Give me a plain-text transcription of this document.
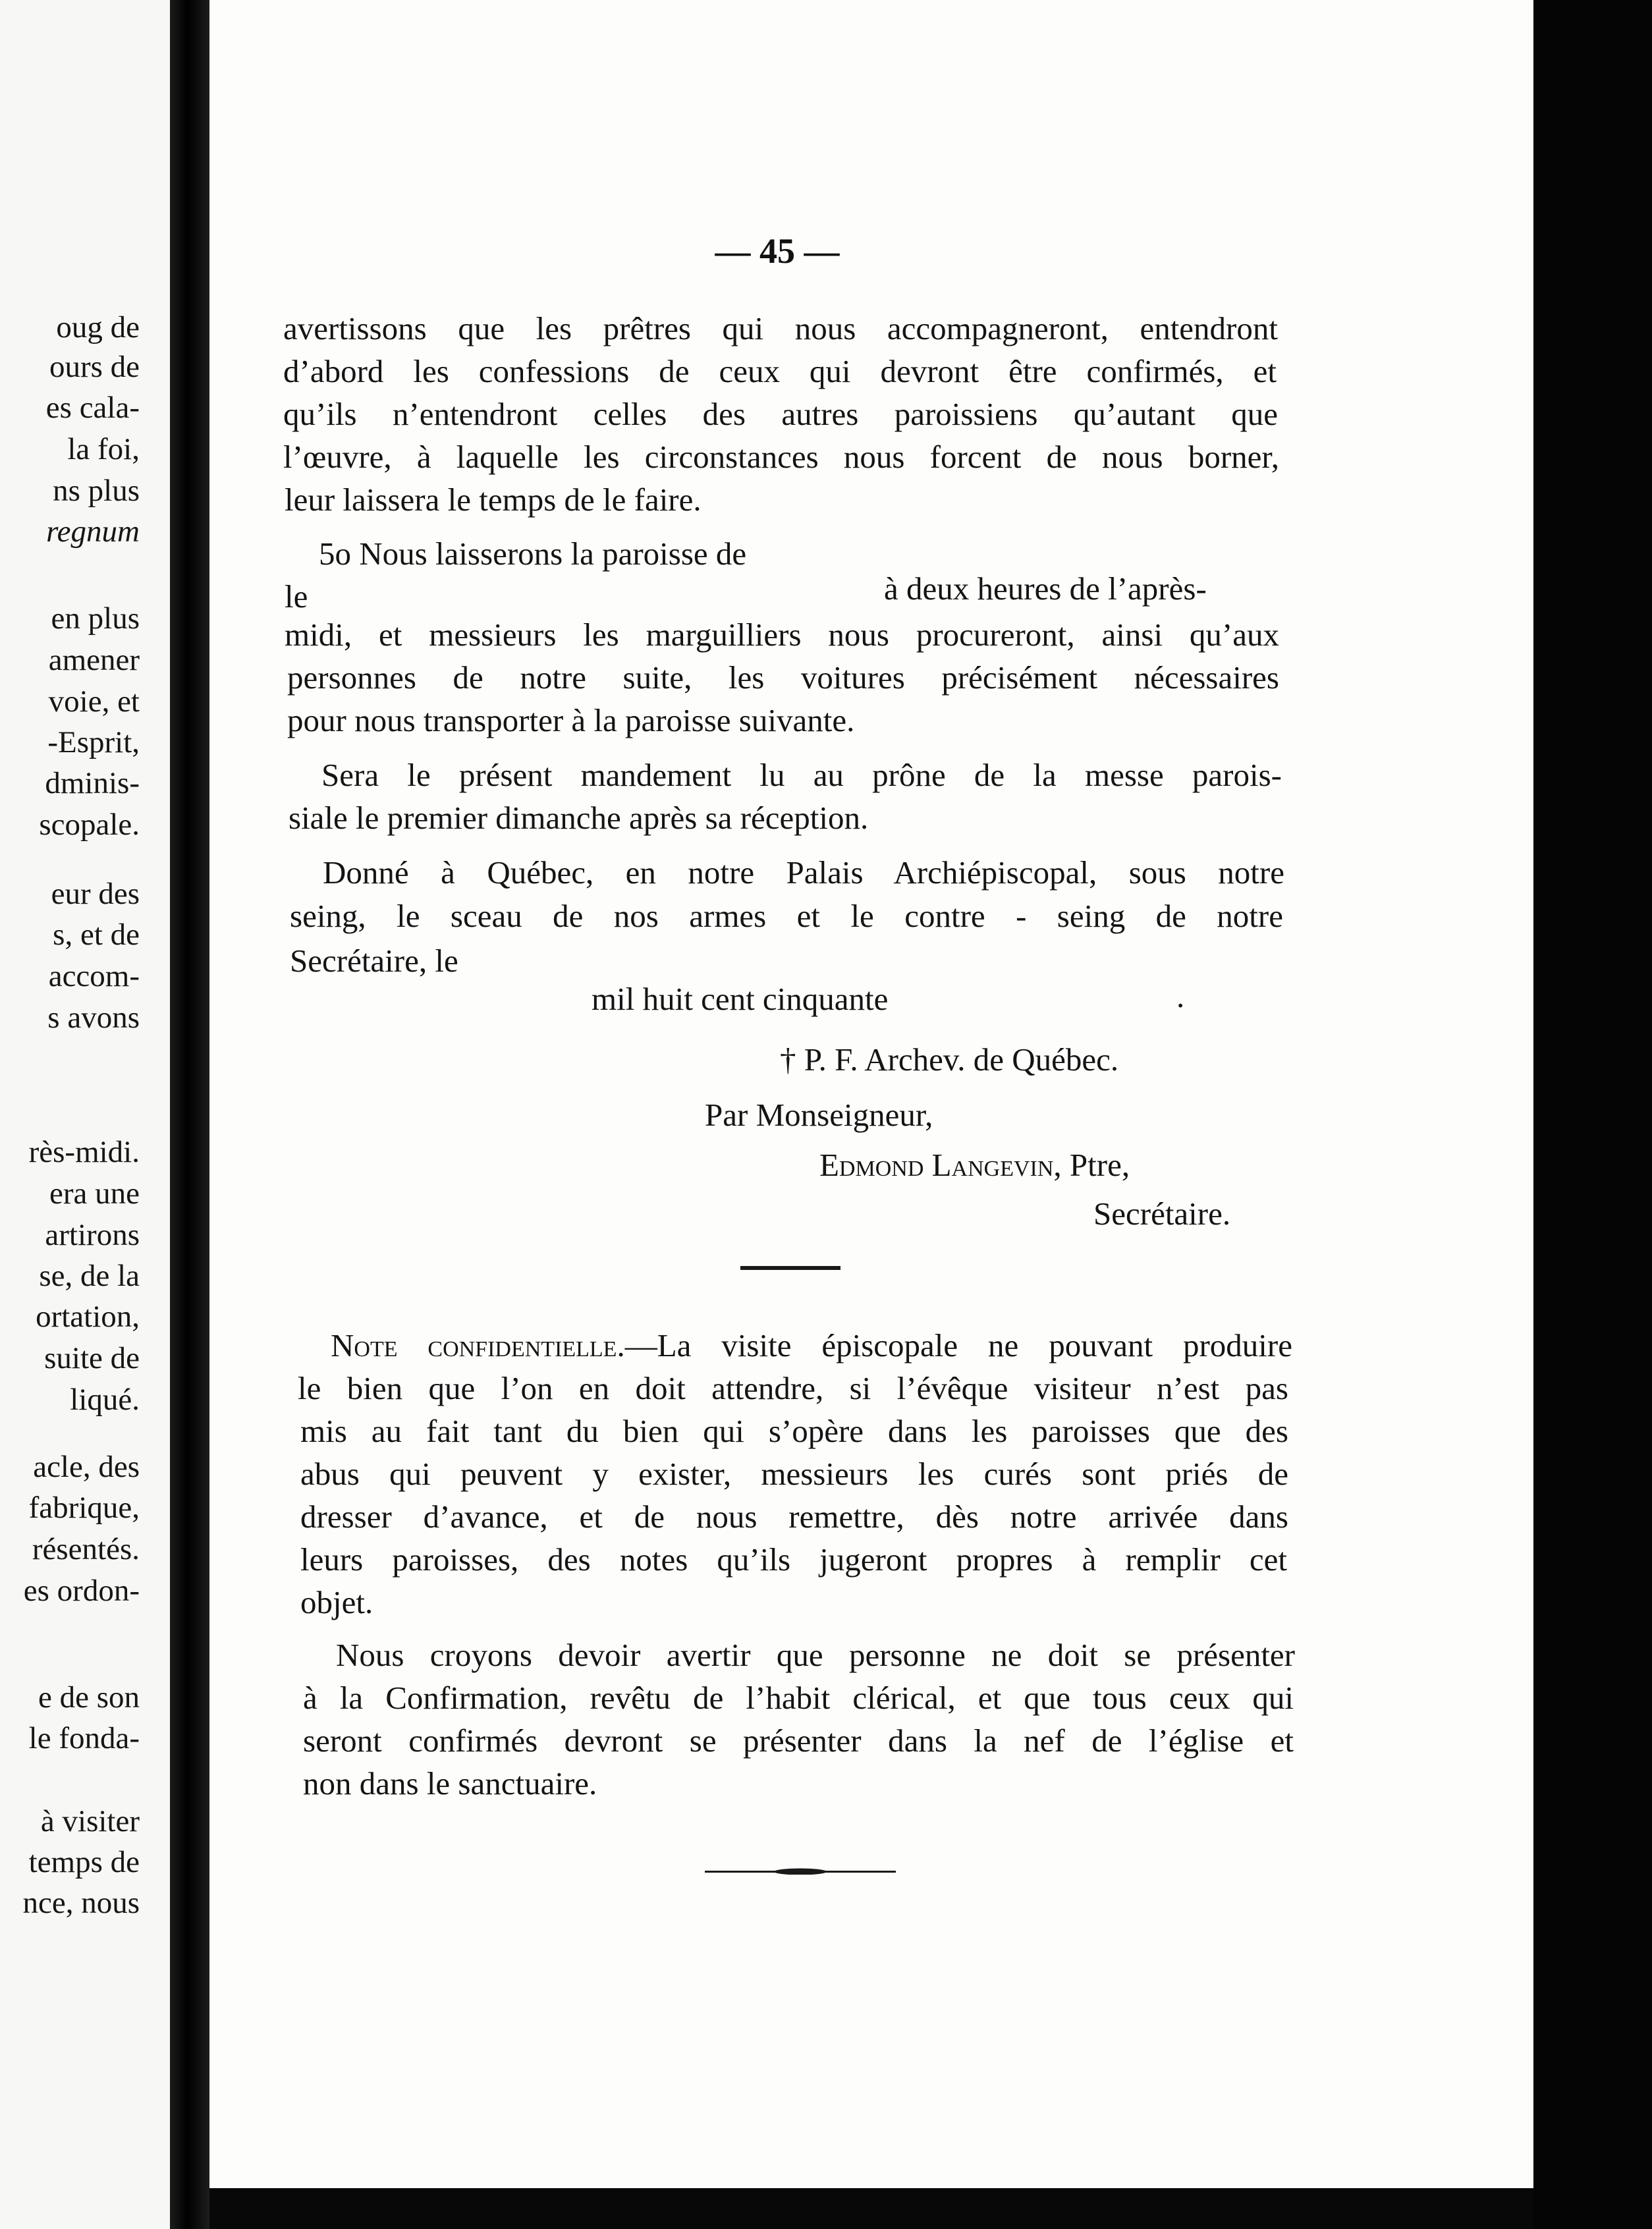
oug de
ours de
es cala-
la foi,
ns plus
regnum
en plus
amener
voie, et
-Esprit,
dminis-
scopale.
eur des
s, et de
accom-
s avons
rès-midi.
era une
artirons
se, de la
ortation,
suite de
liqué.
acle, des
fabrique,
résentés.
es ordon-
e de son
le fonda-
à visiter
temps de
nce, nous
— 45 —
avertissons que les prêtres qui nous accompagneront, entendront
d’abord les confessions de ceux qui devront être confirmés, et
qu’ils n’entendront celles des autres paroissiens qu’autant que
l’œuvre, à laquelle les circonstances nous forcent de nous borner,
leur laissera le temps de le faire.
5o Nous laisserons la paroisse de
le	à deux heures de l’après-
midi, et messieurs les marguilliers nous procureront, ainsi qu’aux
personnes de notre suite, les voitures précisément nécessaires
pour nous transporter à la paroisse suivante.
Sera le présent mandement lu au prône de la messe parois-
siale le premier dimanche après sa réception.
Donné à Québec, en notre Palais Archiépiscopal, sous notre
seing, le sceau de nos armes et le contre - seing de notre
Secrétaire, le
mil huit cent cinquante	.
† P. F. Archev. de Québec.
Par Monseigneur,
Edmond Langevin, Ptre,
Secrétaire.
Note confidentielle.—La visite épiscopale ne pouvant produire
le bien que l’on en doit attendre, si l’évêque visiteur n’est pas
mis au fait tant du bien qui s’opère dans les paroisses que des
abus qui peuvent y exister, messieurs les curés sont priés de
dresser d’avance, et de nous remettre, dès notre arrivée dans
leurs paroisses, des notes qu’ils jugeront propres à remplir cet
objet.
Nous croyons devoir avertir que personne ne doit se présenter
à la Confirmation, revêtu de l’habit clérical, et que tous ceux qui
seront confirmés devront se présenter dans la nef de l’église et
non dans le sanctuaire.
